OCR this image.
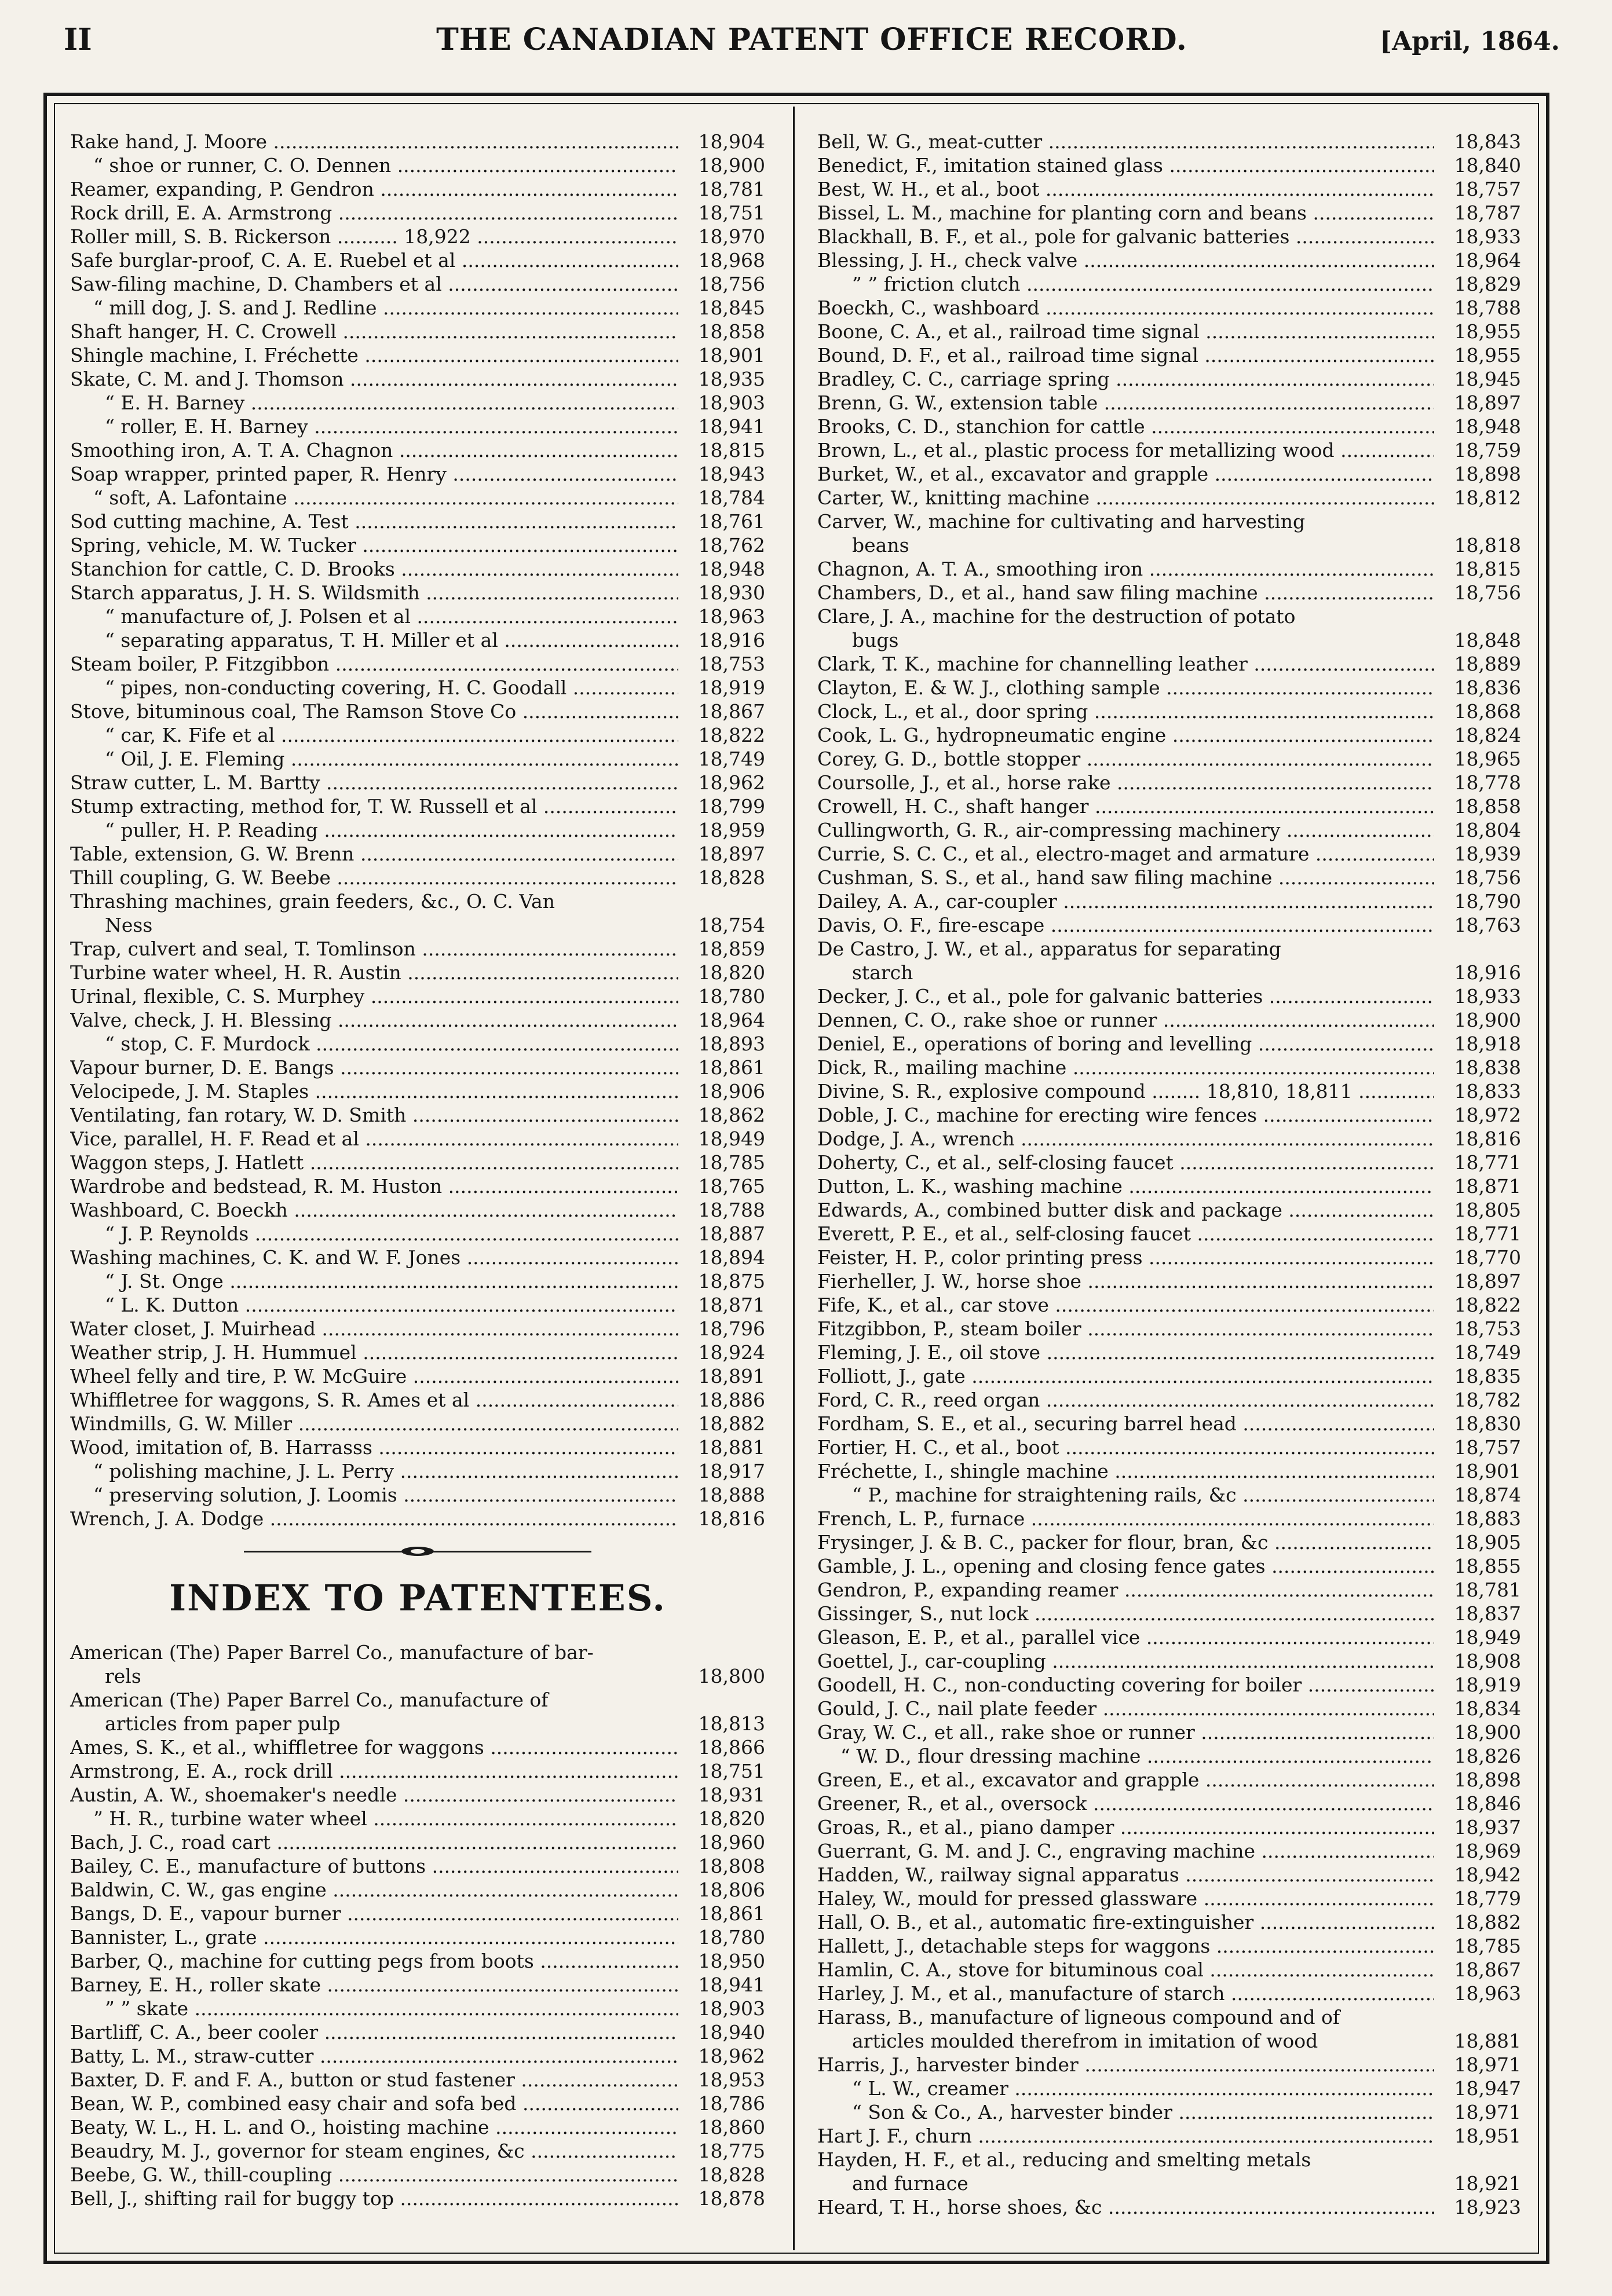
II	THE CANADIAN PATENT OFFICE RECORD.	[April, 1864.
Rake hand, J. Moore .....	18,904
“ shoe or runner, C. O. Dennen .....	18,900
Reamer, expanding, P. Gendron .....	18,781
Rock drill, E. A. Armstrong .....	18,751
Roller mill, S. B. Rickerson .......... 18,922 .....	18,970
Safe burglar-proof, C. A. E. Ruebel et al .....	18,968
Saw-filing machine, D. Chambers et al .....	18,756
“ mill dog, J. S. and J. Redline .....	18,845
Shaft hanger, H. C. Crowell .....	18,858
Shingle machine, I. Fréchette .....	18,901
Skate, C. M. and J. Thomson .....	18,935
“ E. H. Barney .....	18,903
“ roller, E. H. Barney .....	18,941
Smoothing iron, A. T. A. Chagnon .....	18,815
Soap wrapper, printed paper, R. Henry .....	18,943
“ soft, A. Lafontaine .....	18,784
Sod cutting machine, A. Test .....	18,761
Spring, vehicle, M. W. Tucker .....	18,762
Stanchion for cattle, C. D. Brooks .....	18,948
Starch apparatus, J. H. S. Wildsmith .....	18,930
“ manufacture of, J. Polsen et al .....	18,963
“ separating apparatus, T. H. Miller et al .....	18,916
Steam boiler, P. Fitzgibbon .....	18,753
“ pipes, non-conducting covering, H. C. Goodall .....	18,919
Stove, bituminous coal, The Ramson Stove Co .....	18,867
“ car, K. Fife et al .....	18,822
“ Oil, J. E. Fleming .....	18,749
Straw cutter, L. M. Bartty .....	18,962
Stump extracting, method for, T. W. Russell et al .....	18,799
“ puller, H. P. Reading .....	18,959
Table, extension, G. W. Brenn .....	18,897
Thill coupling, G. W. Beebe .....	18,828
Thrashing machines, grain feeders, &c., O. C. Van
Ness	18,754
Trap, culvert and seal, T. Tomlinson .....	18,859
Turbine water wheel, H. R. Austin .....	18,820
Urinal, flexible, C. S. Murphey .....	18,780
Valve, check, J. H. Blessing .....	18,964
“ stop, C. F. Murdock .....	18,893
Vapour burner, D. E. Bangs .....	18,861
Velocipede, J. M. Staples .....	18,906
Ventilating, fan rotary, W. D. Smith .....	18,862
Vice, parallel, H. F. Read et al .....	18,949
Waggon steps, J. Hatlett .....	18,785
Wardrobe and bedstead, R. M. Huston .....	18,765
Washboard, C. Boeckh .....	18,788
“ J. P. Reynolds .....	18,887
Washing machines, C. K. and W. F. Jones .....	18,894
“ J. St. Onge .....	18,875
“ L. K. Dutton .....	18,871
Water closet, J. Muirhead .....	18,796
Weather strip, J. H. Hummuel .....	18,924
Wheel felly and tire, P. W. McGuire .....	18,891
Whiffletree for waggons, S. R. Ames et al .....	18,886
Windmills, G. W. Miller .....	18,882
Wood, imitation of, B. Harrasss .....	18,881
“ polishing machine, J. L. Perry .....	18,917
“ preserving solution, J. Loomis .....	18,888
Wrench, J. A. Dodge .....	18,816
INDEX TO PATENTEES.
American (The) Paper Barrel Co., manufacture of bar-
rels	18,800
American (The) Paper Barrel Co., manufacture of
articles from paper pulp	18,813
Ames, S. K., et al., whiffletree for waggons .....	18,866
Armstrong, E. A., rock drill .....	18,751
Austin, A. W., shoemaker's needle .....	18,931
” H. R., turbine water wheel .....	18,820
Bach, J. C., road cart .....	18,960
Bailey, C. E., manufacture of buttons .....	18,808
Baldwin, C. W., gas engine .....	18,806
Bangs, D. E., vapour burner .....	18,861
Bannister, L., grate .....	18,780
Barber, Q., machine for cutting pegs from boots .....	18,950
Barney, E. H., roller skate .....	18,941
” ” skate .....	18,903
Bartliff, C. A., beer cooler .....	18,940
Batty, L. M., straw-cutter .....	18,962
Baxter, D. F. and F. A., button or stud fastener .....	18,953
Bean, W. P., combined easy chair and sofa bed .....	18,786
Beaty, W. L., H. L. and O., hoisting machine .....	18,860
Beaudry, M. J., governor for steam engines, &c .....	18,775
Beebe, G. W., thill-coupling .....	18,828
Bell, J., shifting rail for buggy top .....	18,878
Bell, W. G., meat-cutter .....	18,843
Benedict, F., imitation stained glass .....	18,840
Best, W. H., et al., boot .....	18,757
Bissel, L. M., machine for planting corn and beans .....	18,787
Blackhall, B. F., et al., pole for galvanic batteries .....	18,933
Blessing, J. H., check valve .....	18,964
” ” friction clutch .....	18,829
Boeckh, C., washboard .....	18,788
Boone, C. A., et al., railroad time signal .....	18,955
Bound, D. F., et al., railroad time signal .....	18,955
Bradley, C. C., carriage spring .....	18,945
Brenn, G. W., extension table .....	18,897
Brooks, C. D., stanchion for cattle .....	18,948
Brown, L., et al., plastic process for metallizing wood .....	18,759
Burket, W., et al., excavator and grapple .....	18,898
Carter, W., knitting machine .....	18,812
Carver, W., machine for cultivating and harvesting
beans	18,818
Chagnon, A. T. A., smoothing iron .....	18,815
Chambers, D., et al., hand saw filing machine .....	18,756
Clare, J. A., machine for the destruction of potato
bugs	18,848
Clark, T. K., machine for channelling leather .....	18,889
Clayton, E. & W. J., clothing sample .....	18,836
Clock, L., et al., door spring .....	18,868
Cook, L. G., hydropneumatic engine .....	18,824
Corey, G. D., bottle stopper .....	18,965
Coursolle, J., et al., horse rake .....	18,778
Crowell, H. C., shaft hanger .....	18,858
Cullingworth, G. R., air-compressing machinery .....	18,804
Currie, S. C. C., et al., electro-maget and armature .....	18,939
Cushman, S. S., et al., hand saw filing machine .....	18,756
Dailey, A. A., car-coupler .....	18,790
Davis, O. F., fire-escape .....	18,763
De Castro, J. W., et al., apparatus for separating
starch	18,916
Decker, J. C., et al., pole for galvanic batteries .....	18,933
Dennen, C. O., rake shoe or runner .....	18,900
Deniel, E., operations of boring and levelling .....	18,918
Dick, R., mailing machine .....	18,838
Divine, S. R., explosive compound ........ 18,810, 18,811 .....	18,833
Doble, J. C., machine for erecting wire fences .....	18,972
Dodge, J. A., wrench .....	18,816
Doherty, C., et al., self-closing faucet .....	18,771
Dutton, L. K., washing machine .....	18,871
Edwards, A., combined butter disk and package .....	18,805
Everett, P. E., et al., self-closing faucet .....	18,771
Feister, H. P., color printing press .....	18,770
Fierheller, J. W., horse shoe .....	18,897
Fife, K., et al., car stove .....	18,822
Fitzgibbon, P., steam boiler .....	18,753
Fleming, J. E., oil stove .....	18,749
Folliott, J., gate .....	18,835
Ford, C. R., reed organ .....	18,782
Fordham, S. E., et al., securing barrel head .....	18,830
Fortier, H. C., et al., boot .....	18,757
Fréchette, I., shingle machine .....	18,901
“ P., machine for straightening rails, &c .....	18,874
French, L. P., furnace .....	18,883
Frysinger, J. & B. C., packer for flour, bran, &c .....	18,905
Gamble, J. L., opening and closing fence gates .....	18,855
Gendron, P., expanding reamer .....	18,781
Gissinger, S., nut lock .....	18,837
Gleason, E. P., et al., parallel vice .....	18,949
Goettel, J., car-coupling .....	18,908
Goodell, H. C., non-conducting covering for boiler .....	18,919
Gould, J. C., nail plate feeder .....	18,834
Gray, W. C., et all., rake shoe or runner .....	18,900
“ W. D., flour dressing machine .....	18,826
Green, E., et al., excavator and grapple .....	18,898
Greener, R., et al., oversock .....	18,846
Groas, R., et al., piano damper .....	18,937
Guerrant, G. M. and J. C., engraving machine .....	18,969
Hadden, W., railway signal apparatus .....	18,942
Haley, W., mould for pressed glassware .....	18,779
Hall, O. B., et al., automatic fire-extinguisher .....	18,882
Hallett, J., detachable steps for waggons .....	18,785
Hamlin, C. A., stove for bituminous coal .....	18,867
Harley, J. M., et al., manufacture of starch .....	18,963
Harass, B., manufacture of ligneous compound and of
articles moulded therefrom in imitation of wood	18,881
Harris, J., harvester binder .....	18,971
“ L. W., creamer .....	18,947
“ Son & Co., A., harvester binder .....	18,971
Hart J. F., churn .....	18,951
Hayden, H. F., et al., reducing and smelting metals
and furnace	18,921
Heard, T. H., horse shoes, &c .....	18,923
